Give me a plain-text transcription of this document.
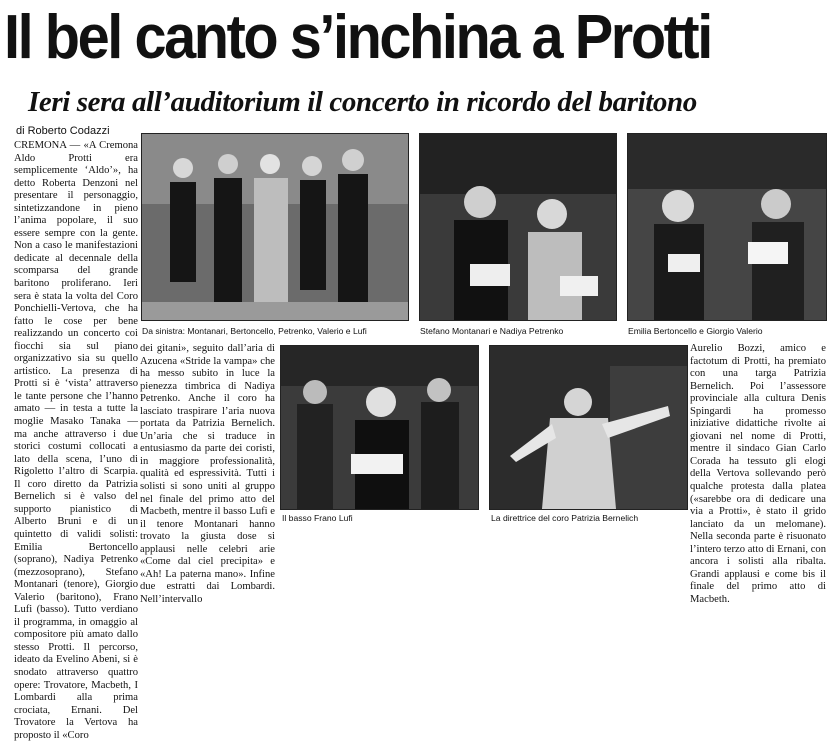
Il bel canto s’inchina a Protti
Ieri sera all’auditorium il concerto in ricordo del baritono
di Roberto Codazzi
CREMONA — «A Cremona Aldo Protti era semplicemente ‘Aldo’», ha detto Roberta Denzoni nel presentare il personaggio, sintetizzandone in pieno l’anima popolare, il suo essere sempre con la gente. Non a caso le manifestazioni dedicate al decennale della scomparsa del grande baritono proliferano. Ieri sera è stata la volta del Coro Ponchielli-Vertova, che ha fatto le cose per bene realizzando un concerto coi fiocchi sia sul piano organizzativo sia su quello artistico. La presenza di Protti si è ‘vista’ attraverso le tante persone che l’hanno amato — in testa a tutte la moglie Masako Tanaka — ma anche attraverso i due storici costumi collocati a lato della scena, l’uno di Rigoletto l’altro di Scarpia. Il coro diretto da Patrizia Bernelich si è valso del supporto pianistico di Alberto Bruni e di un quintetto di validi solisti: Emilia Bertoncello (soprano), Nadiya Petrenko (mezzosoprano), Stefano Montanari (tenore), Giorgio Valerio (baritono), Frano Lufi (basso). Tutto verdiano il programma, in omaggio al compositore più amato dallo stesso Protti. Il percorso, ideato da Evelino Abeni, si è snodato attraverso quattro opere: Trovatore, Macbeth, I Lombardi alla prima crociata, Ernani. Del Trovatore la Vertova ha proposto il «Coro
dei gitani», seguito dall’aria di Azucena «Stride la vampa» che ha messo subito in luce la pienezza timbrica di Nadiya Petrenko. Anche il coro ha lasciato traspirare l’aria nuova portata da Patrizia Bernelich. Un’aria che si traduce in entusiasmo da parte dei coristi, in maggiore professionalità, qualità ed espressività. Tutti i solisti si sono uniti al gruppo nel finale del primo atto del Macbeth, mentre il basso Lufi e il tenore Montanari hanno trovato la giusta dose si applausi nelle celebri arie «Come dal ciel precipita» e «Ah! La paterna mano». Infine due estratti dai Lombardi. Nell’intervallo
Aurelio Bozzi, amico e factotum di Protti, ha premiato con una targa Patrizia Bernelich. Poi l’assessore provinciale alla cultura Denis Spingardi ha promesso iniziative didattiche rivolte ai giovani nel nome di Protti, mentre il sindaco Gian Carlo Corada ha tessuto gli elogi della Vertova sollevando però qualche protesta dalla platea («sarebbe ora di dedicare una via a Protti», è stato il grido lanciato da un melomane). Nella seconda parte è risuonato l’intero terzo atto di Ernani, con ancora i solisti alla ribalta. Grandi applausi e come bis il finale del primo atto di Macbeth.
Da sinistra: Montanari, Bertoncello, Petrenko, Valerio e Lufi	Stefano Montanari e Nadiya Petrenko	Emilia Bertoncello e Giorgio Valerio
Il basso Frano Lufi	La direttrice del coro Patrizia Bernelich
